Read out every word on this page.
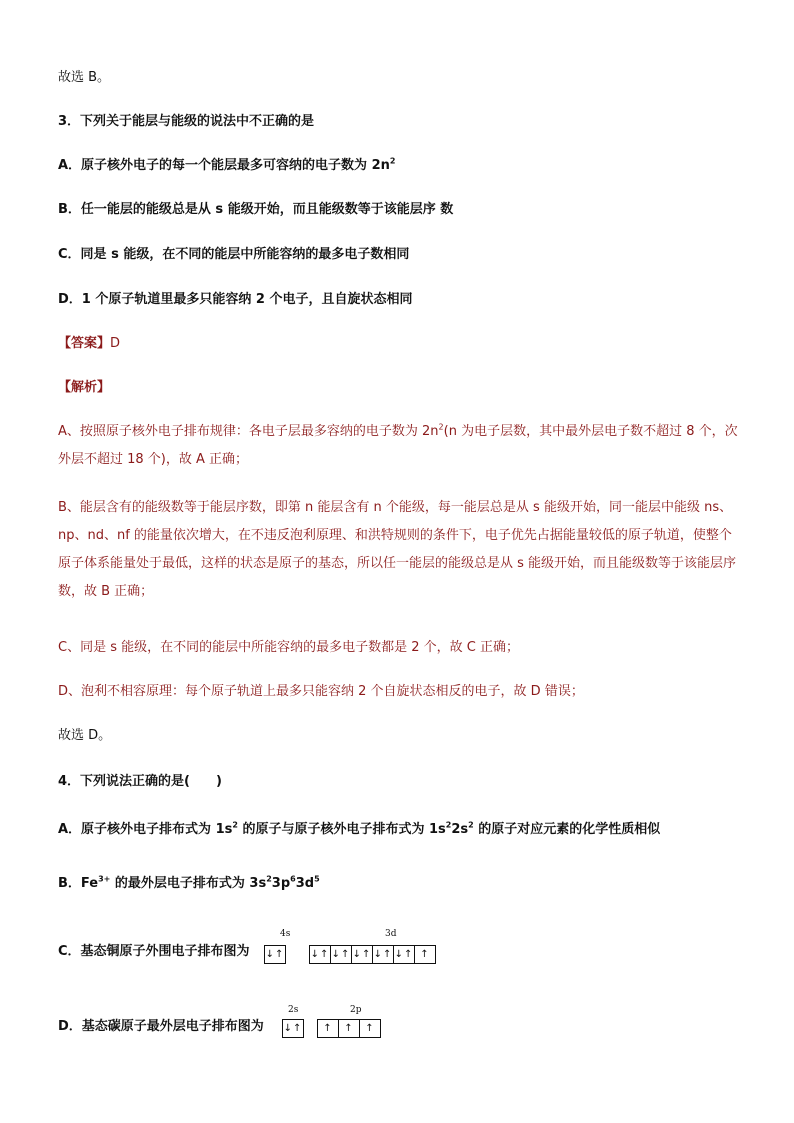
故选 B。
3．下列关于能层与能级的说法中不正确的是
A．原子核外电子的每一个能层最多可容纳的电子数为 $2n^2$
B．任一能层的能级总是从 s 能级开始，而且能级数等于该能层序 数
C．同是 s 能级，在不同的能层中所能容纳的最多电子数相同
D．1 个原子轨道里最多只能容纳 2 个电子，且自旋状态相同
【答案】D
【解析】
A、按照原子核外电子排布规律：各电子层最多容纳的电子数为 $2n^2(n$ 为电子层数，其中最外层电子数不超过 8 个，次外层不超过 18 个)，故 A 正确；
B、能层含有的能级数等于能层序数，即第 n 能层含有 n 个能级，每一能层总是从 s 能级开始，同一能层中能级 ns、np、nd、nf 的能量依次增大，在不违反泡利原理、和洪特规则的条件下，电子优先占据能量较低的原子轨道，使整个原子体系能量处于最低，这样的状态是原子的基态，所以任一能层的能级总是从 s 能级开始，而且能级数等于该能层序数，故 B 正确；
C、同是 s 能级，在不同的能层中所能容纳的最多电子数都是 2 个，故 C 正确；
D、泡利不相容原理：每个原子轨道上最多只能容纳 2 个自旋状态相反的电子，故 D 错误；
故选 D。
4．下列说法正确的是(　　)
A．原子核外电子排布式为 $1s^2$ 的原子与原子核外电子排布式为 $1s^22s^2$ 的原子对应元素的化学性质相似
B．$Fe^{3+}$ 的最外层电子排布式为 $3s^23p^63d^5$
C．基态铜原子外围电子排布图为
4s	3d
↓↑	↓↑ ↓↑ ↓↑ ↓↑ ↓↑ ↑
D．基态碳原子最外层电子排布图为
2s	2p
↓↑	↑	↑	↑
